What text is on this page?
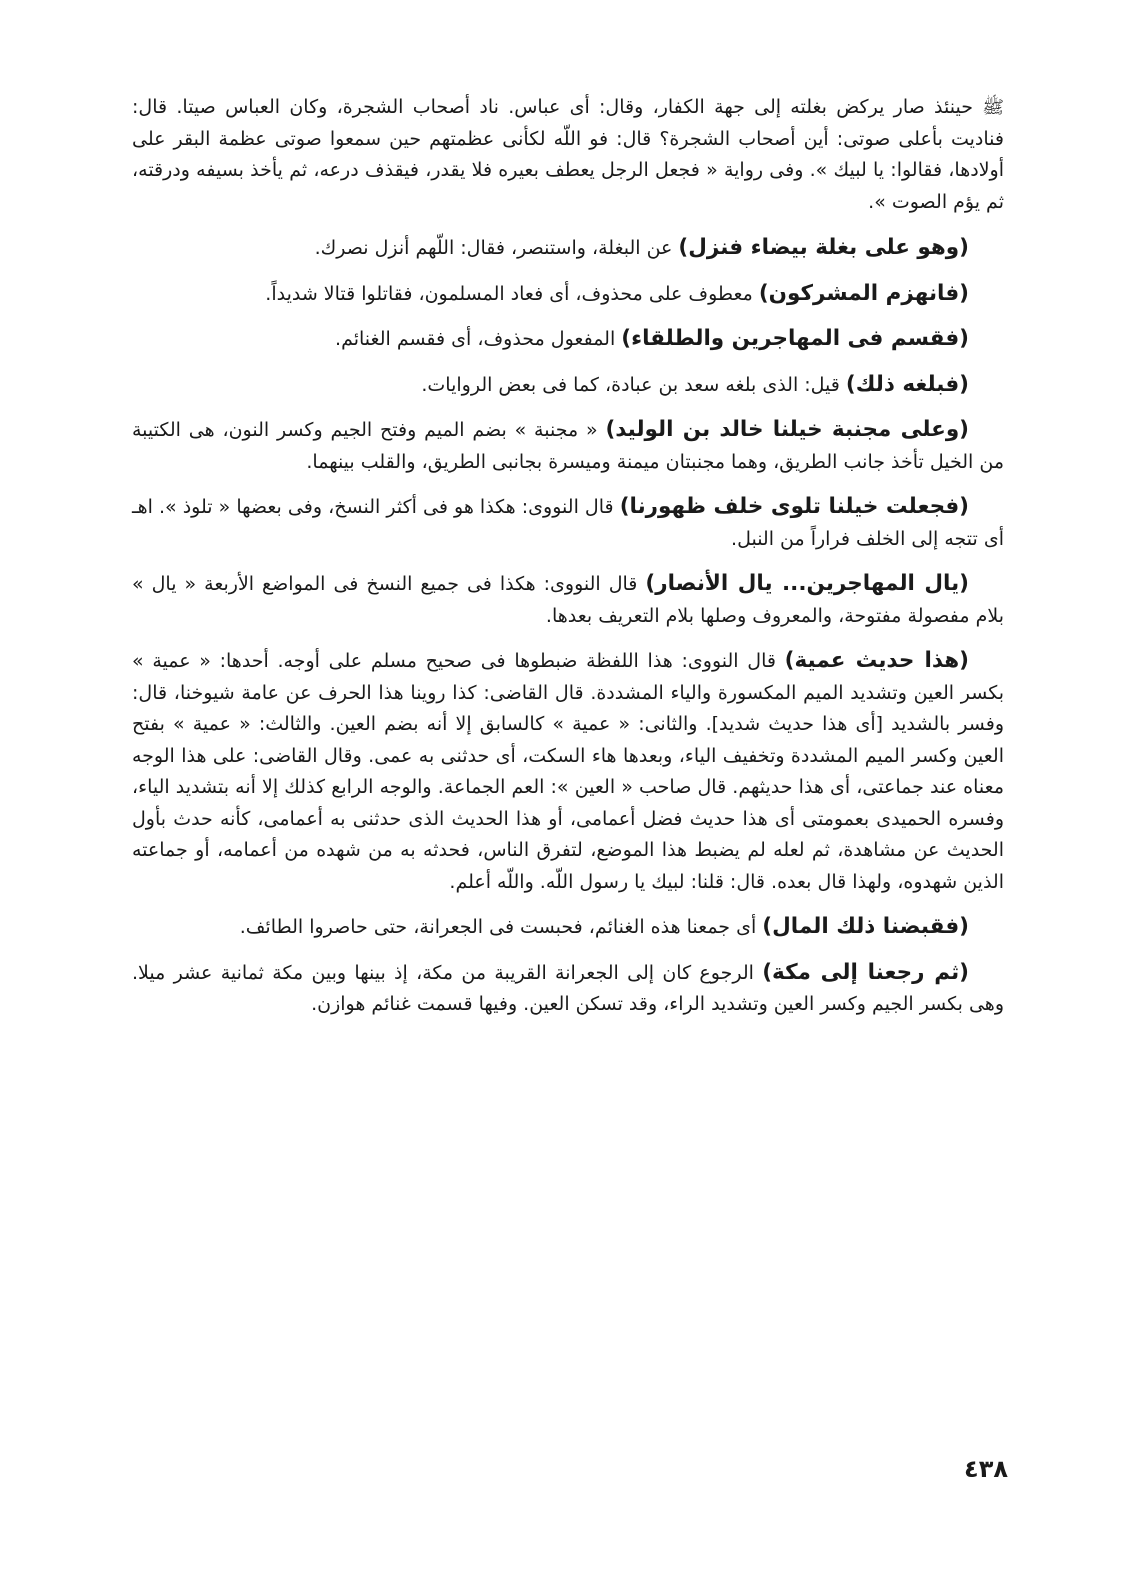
ﷺ حينئذ صار يركض بغلته إلى جهة الكفار، وقال: أى عباس. ناد أصحاب الشجرة، وكان العباس صيتا. قال: فناديت بأعلى صوتى: أين أصحاب الشجرة؟ قال: فو اللّه لكأنى عظمتهم حين سمعوا صوتى عظمة البقر على أولادها، فقالوا: يا لبيك ». وفى رواية « فجعل الرجل يعطف بعيره فلا يقدر، فيقذف درعه، ثم يأخذ بسيفه ودرقته، ثم يؤم الصوت ».

(وهو على بغلة بيضاء فنزل) عن البغلة، واستنصر، فقال: اللّهم أنزل نصرك.

(فانهزم المشركون) معطوف على محذوف، أى فعاد المسلمون، فقاتلوا قتالا شديداً.

(فقسم فى المهاجرين والطلقاء) المفعول محذوف، أى فقسم الغنائم.

(فبلغه ذلك) قيل: الذى بلغه سعد بن عبادة، كما فى بعض الروايات.

(وعلى مجنبة خيلنا خالد بن الوليد) « مجنبة » بضم الميم وفتح الجيم وكسر النون، هى الكتيبة من الخيل تأخذ جانب الطريق، وهما مجنبتان ميمنة وميسرة بجانبى الطريق، والقلب بينهما.

(فجعلت خيلنا تلوى خلف ظهورنا) قال النووى: هكذا هو فى أكثر النسخ، وفى بعضها « تلوذ ». اهـ أى تتجه إلى الخلف فراراً من النبل.

(يال المهاجرين... يال الأنصار) قال النووى: هكذا فى جميع النسخ فى المواضع الأربعة « يال » بلام مفصولة مفتوحة، والمعروف وصلها بلام التعريف بعدها.

(هذا حديث عمية) قال النووى: هذا اللفظة ضبطوها فى صحيح مسلم على أوجه. أحدها: « عمية » بكسر العين وتشديد الميم المكسورة والياء المشددة. قال القاضى: كذا روينا هذا الحرف عن عامة شيوخنا، قال: وفسر بالشديد [أى هذا حديث شديد]. والثانى: « عمية » كالسابق إلا أنه بضم العين. والثالث: « عمية » بفتح العين وكسر الميم المشددة وتخفيف الياء، وبعدها هاء السكت، أى حدثنى به عمى. وقال القاضى: على هذا الوجه معناه عند جماعتى، أى هذا حديثهم. قال صاحب « العين »: العم الجماعة. والوجه الرابع كذلك إلا أنه بتشديد الياء، وفسره الحميدى بعمومتى أى هذا حديث فضل أعمامى، أو هذا الحديث الذى حدثنى به أعمامى، كأنه حدث بأول الحديث عن مشاهدة، ثم لعله لم يضبط هذا الموضع، لتفرق الناس، فحدثه به من شهده من أعمامه، أو جماعته الذين شهدوه، ولهذا قال بعده. قال: قلنا: لبيك يا رسول اللّه. واللّه أعلم.

(فقبضنا ذلك المال) أى جمعنا هذه الغنائم، فحبست فى الجعرانة، حتى حاصروا الطائف.

(ثم رجعنا إلى مكة) الرجوع كان إلى الجعرانة القريبة من مكة، إذ بينها وبين مكة ثمانية عشر ميلا. وهى بكسر الجيم وكسر العين وتشديد الراء، وقد تسكن العين. وفيها قسمت غنائم هوازن.

٤٣٨
